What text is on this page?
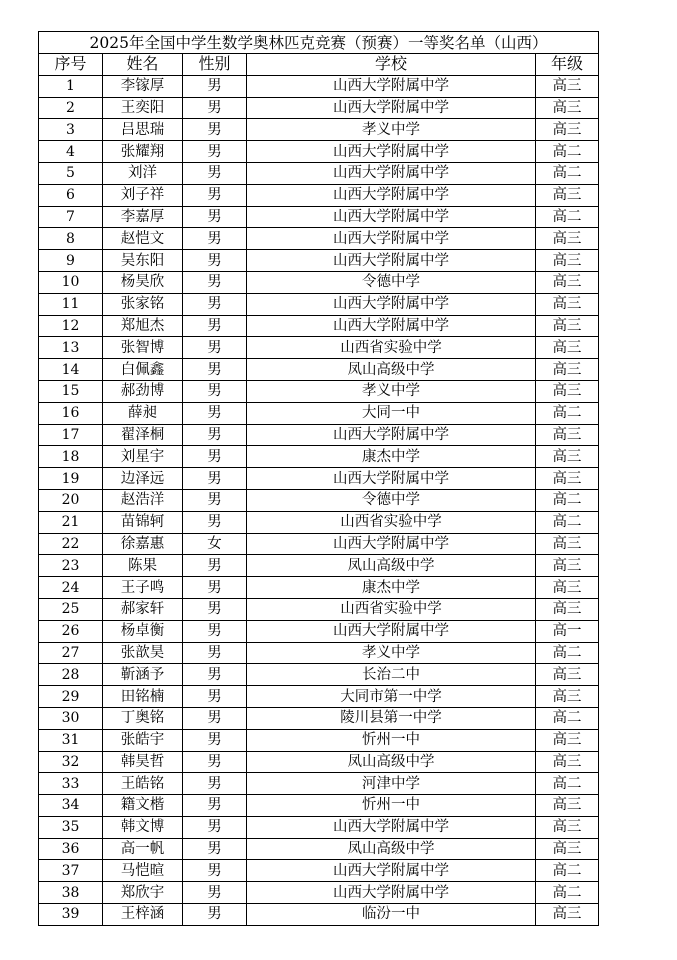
2025年全国中学生数学奥林匹克竞赛（预赛）一等奖名单（山西）				
序号	姓名	性别	学校	年级
1	李镓厚	男	山西大学附属中学	高三
2	王奕阳	男	山西大学附属中学	高三
3	吕思瑞	男	孝义中学	高三
4	张耀翔	男	山西大学附属中学	高二
5	刘洋	男	山西大学附属中学	高二
6	刘子祥	男	山西大学附属中学	高三
7	李嘉厚	男	山西大学附属中学	高二
8	赵恺文	男	山西大学附属中学	高三
9	吴东阳	男	山西大学附属中学	高三
10	杨昊欣	男	令德中学	高三
11	张家铭	男	山西大学附属中学	高三
12	郑旭杰	男	山西大学附属中学	高三
13	张智博	男	山西省实验中学	高三
14	白佩鑫	男	凤山高级中学	高三
15	郝劲博	男	孝义中学	高三
16	薛昶	男	大同一中	高二
17	翟泽桐	男	山西大学附属中学	高三
18	刘星宇	男	康杰中学	高三
19	边泽远	男	山西大学附属中学	高三
20	赵浩洋	男	令德中学	高二
21	苗锦轲	男	山西省实验中学	高二
22	徐嘉惠	女	山西大学附属中学	高三
23	陈果	男	凤山高级中学	高三
24	王子鸣	男	康杰中学	高三
25	郝家轩	男	山西省实验中学	高三
26	杨卓衡	男	山西大学附属中学	高一
27	张歆昊	男	孝义中学	高二
28	靳涵予	男	长治二中	高三
29	田铭楠	男	大同市第一中学	高三
30	丁奥铭	男	陵川县第一中学	高二
31	张皓宇	男	忻州一中	高三
32	韩昊哲	男	凤山高级中学	高三
33	王皓铭	男	河津中学	高二
34	籍文楷	男	忻州一中	高三
35	韩文博	男	山西大学附属中学	高三
36	高一帆	男	凤山高级中学	高三
37	马恺暄	男	山西大学附属中学	高二
38	郑欣宇	男	山西大学附属中学	高二
39	王梓涵	男	临汾一中	高三
